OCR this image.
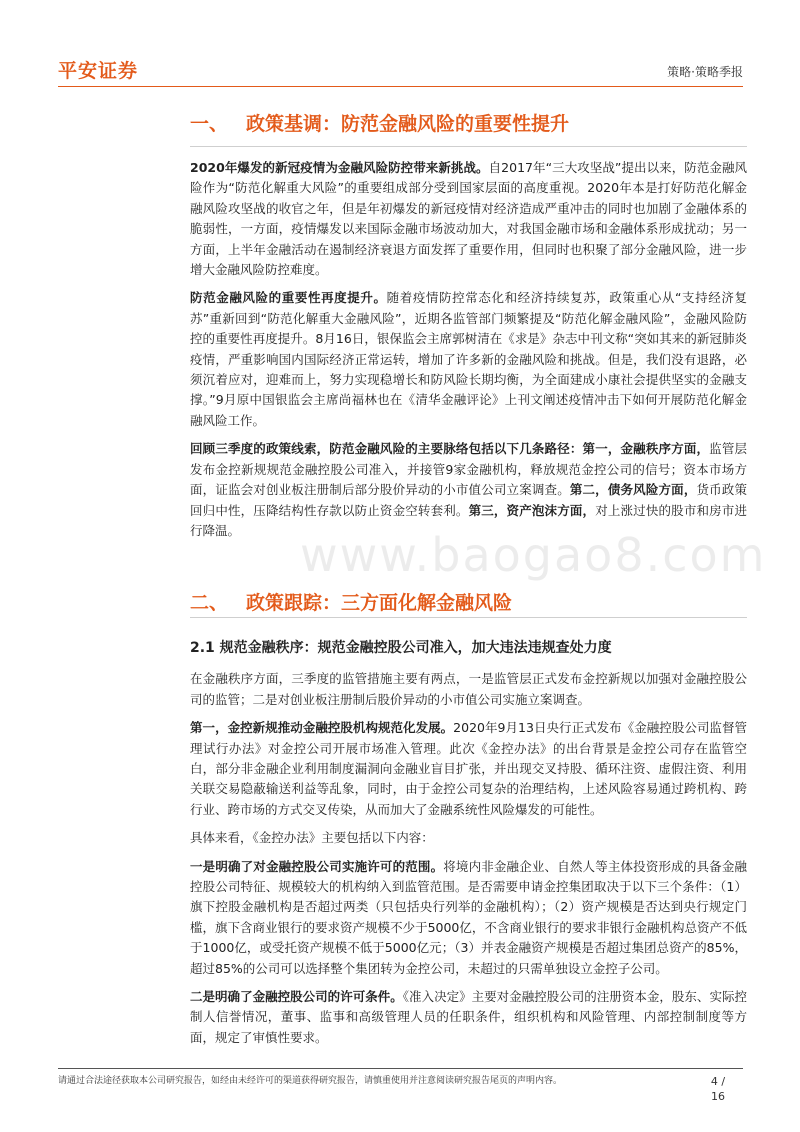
平安证券	策略·策略季报
一、 政策基调：防范金融风险的重要性提升

2020年爆发的新冠疫情为金融风险防控带来新挑战。自2017年“三大攻坚战”提出以来，防范金融风险作为“防范化解重大风险”的重要组成部分受到国家层面的高度重视。2020年本是打好防范化解金融风险攻坚战的收官之年，但是年初爆发的新冠疫情对经济造成严重冲击的同时也加剧了金融体系的脆弱性，一方面，疫情爆发以来国际金融市场波动加大，对我国金融市场和金融体系形成扰动；另一方面，上半年金融活动在遏制经济衰退方面发挥了重要作用，但同时也积聚了部分金融风险，进一步增大金融风险防控难度。

防范金融风险的重要性再度提升。随着疫情防控常态化和经济持续复苏，政策重心从“支持经济复苏”重新回到“防范化解重大金融风险”，近期各监管部门频繁提及“防范化解金融风险”，金融风险防控的重要性再度提升。8月16日，银保监会主席郭树清在《求是》杂志中刊文称“突如其来的新冠肺炎疫情，严重影响国内国际经济正常运转，增加了许多新的金融风险和挑战。但是，我们没有退路，必须沉着应对，迎难而上，努力实现稳增长和防风险长期均衡，为全面建成小康社会提供坚实的金融支撑。”9月原中国银监会主席尚福林也在《清华金融评论》上刊文阐述疫情冲击下如何开展防范化解金融风险工作。

回顾三季度的政策线索，防范金融风险的主要脉络包括以下几条路径：第一，金融秩序方面，监管层发布金控新规规范金融控股公司准入，并接管9家金融机构，释放规范金控公司的信号；资本市场方面，证监会对创业板注册制后部分股价异动的小市值公司立案调查。第二，债务风险方面，货币政策回归中性，压降结构性存款以防止资金空转套利。第三，资产泡沫方面，对上涨过快的股市和房市进行降温。

二、 政策跟踪：三方面化解金融风险
2.1 规范金融秩序：规范金融控股公司准入，加大违法违规查处力度

在金融秩序方面，三季度的监管措施主要有两点，一是监管层正式发布金控新规以加强对金融控股公司的监管；二是对创业板注册制后股价异动的小市值公司实施立案调查。

第一，金控新规推动金融控股机构规范化发展。2020年9月13日央行正式发布《金融控股公司监督管理试行办法》对金控公司开展市场准入管理。此次《金控办法》的出台背景是金控公司存在监管空白，部分非金融企业利用制度漏洞向金融业盲目扩张，并出现交叉持股、循环注资、虚假注资、利用关联交易隐蔽输送利益等乱象，同时，由于金控公司复杂的治理结构，上述风险容易通过跨机构、跨行业、跨市场的方式交叉传染，从而加大了金融系统性风险爆发的可能性。

具体来看，《金控办法》主要包括以下内容：

一是明确了对金融控股公司实施许可的范围。将境内非金融企业、自然人等主体投资形成的具备金融控股公司特征、规模较大的机构纳入到监管范围。是否需要申请金控集团取决于以下三个条件：（1）旗下控股金融机构是否超过两类（只包括央行列举的金融机构）；（2）资产规模是否达到央行规定门槛，旗下含商业银行的要求资产规模不少于5000亿，不含商业银行的要求非银行金融机构总资产不低于1000亿，或受托资产规模不低于5000亿元；（3）并表金融资产规模是否超过集团总资产的85%，超过85%的公司可以选择整个集团转为金控公司，未超过的只需单独设立金控子公司。

二是明确了金融控股公司的许可条件。《准入决定》主要对金融控股公司的注册资本金，股东、实际控制人信誉情况，董事、监事和高级管理人员的任职条件，组织机构和风险管理、内部控制制度等方面，规定了审慎性要求。

www.baogao8.com
请通过合法途径获取本公司研究报告，如经由未经许可的渠道获得研究报告，请慎重使用并注意阅读研究报告尾页的声明内容。	4 / 16
